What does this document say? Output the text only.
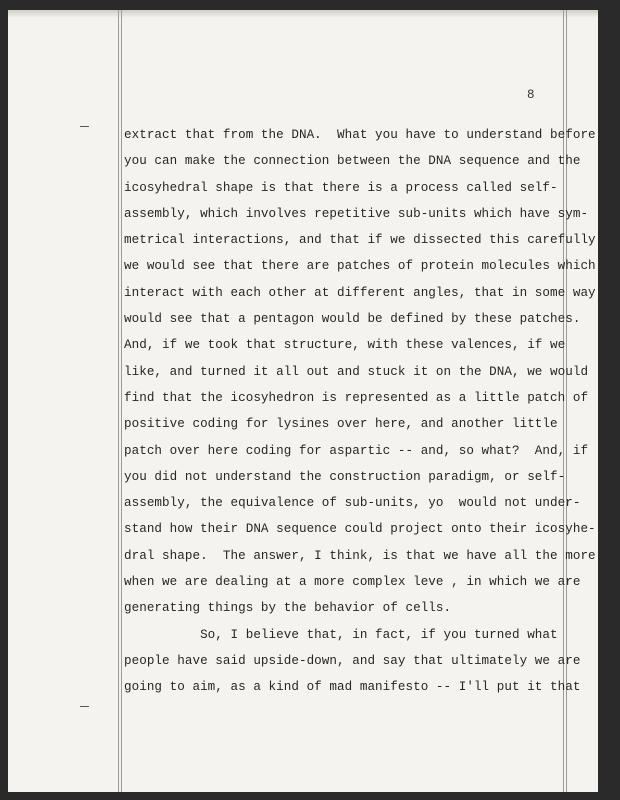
8
extract that from the DNA.  What you have to understand before
you can make the connection between the DNA sequence and the
icosyhedral shape is that there is a process called self-
assembly, which involves repetitive sub-units which have sym-
metrical interactions, and that if we dissected this carefully
we would see that there are patches of protein molecules which
interact with each other at different angles, that in some way
would see that a pentagon would be defined by these patches.
And, if we took that structure, with these valences, if we
like, and turned it all out and stuck it on the DNA, we would
find that the icosyhedron is represented as a little patch of
positive coding for lysines over here, and another little
patch over here coding for aspartic -- and, so what?  And, if
you did not understand the construction paradigm, or self-
assembly, the equivalence of sub-units, yo  would not under-
stand how their DNA sequence could project onto their icosyhe-
dral shape.  The answer, I think, is that we have all the more
when we are dealing at a more complex leve , in which we are
generating things by the behavior of cells.
So, I believe that, in fact, if you turned what
people have said upside-down, and say that ultimately we are
going to aim, as a kind of mad manifesto -- I'll put it that
